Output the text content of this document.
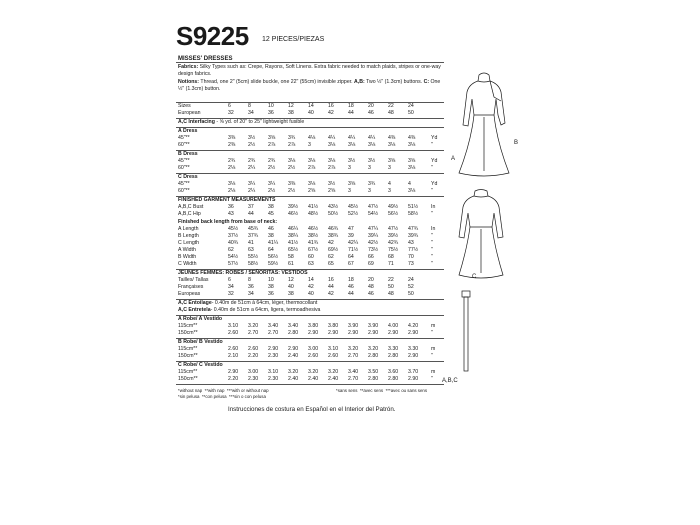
S9225 12 PIECES/PIEZAS
MISSES' DRESSES
Fabrics: Silky Types such as: Crepe, Rayons, Soft Linens. Extra fabric needed to match plaids, stripes or one-way design fabrics.
Notions: Thread, one 2" (5cm) slide buckle, one 22" (55cm) invisible zipper. A,B: Two ½" (1.3cm) buttons. C: One ½" (1.3cm) button.
Sizes	6	8	10	12	14	16	18	20	22	24
European	32	34	36	38	40	42	44	46	48	50
A,C Interfacing - ⅝ yd. of 20" to 25" lightweight fusible
A Dress
45"**	3⅜ 3½ 3⅝ 3¾ 4⅛ 4¼ 4¼ 4¼ 4⅜ 4⅜	Yd
60"**	2⅜ 2½ 2⅞ 2⅞ 3	3⅛ 3⅛ 3⅛ 3⅛ 3⅛	"
B Dress
45"**	2¾ 2¾ 2¾ 3⅛ 3⅛ 3⅛ 3½ 3½ 3⅝ 3⅝	Yd
60"**	2⅛ 2¼ 2½ 2½ 2⅞ 2⅞ 3	3	3	3⅛	"
C Dress
45"**	3⅛ 3¼ 3¼ 3⅜ 3⅛ 3½ 3⅝ 3¾ 4	4	Yd
60"**	2⅛ 2¼ 2½ 2½ 2⅝ 2⅝ 3	3	3	3⅛	"
FINISHED GARMENT MEASUREMENTS
A,B,C Bust	36	37	38	39½ 41½ 43½ 45½ 47½ 49½ 51½ In
A,B,C Hip	43	44	45	46½ 48½ 50½ 52½ 54½ 56½ 58½ "
Finished back length from base of neck:
A Length	45½ 45¾ 46	46¼ 46½ 46¾ 47	47¼ 47½ 47¾ In
B Length	37½ 37¾ 38	38¼ 38½ 38¾ 39	39¼ 39½ 39¾ "
C Length	40¾ 41	41¼ 41½ 41¾ 42	42¼ 42½ 42¾ 43	"
A Width	62	63	64	65½ 67½ 69½ 71½ 73½ 75½ 77½ "
B Width	54½ 55½ 56½ 58	60	62	64	66	68	70	"
C Width	57½ 58½ 59½ 61	63	65	67	69	71	73	"
JEUNES FEMMES: ROBES / SEÑORITAS: VESTIDOS
Tailles/ Tallas	6	8	10	12	14	16	18	20	22	24
Françaises	34	36	38	40	42	44	46	48	50	52
Europeas	32	34	36	38	40	42	44	46	48	50
A,C Entoilage- 0.40m de 51cm à 64cm, léger, thermocollant
A,C Entretela- 0.40m de 51cm a 64cm, ligera, termoadhesiva
A Robe/ A Vestido
115cm**	3.10 3.20 3.40 3.40 3.80 3.80 3.90 3.90 4.00 4.20 m
150cm**	2.60 2.70 2.70 2.80 2.90 2.90 2.90 2.90 2.90 2.90 "
B Robe/ B Vestido
115cm**	2.60 2.60 2.90 2.90 3.00 3.10 3.20 3.20 3.30 3.30 m
150cm**	2.10 2.20 2.30 2.40 2.60 2.60 2.70 2.80 2.80 2.90 "
C Robe/ C Vestido
115cm**	2.90 3.00 3.10 3.20 3.20 3.20 3.40 3.50 3.60 3.70 m
150cm**	2.20 2.30 2.30 2.40 2.40 2.40 2.70 2.80 2.80 2.90 "
*without nap **with nap ***with or without nap	*sans sens **avec sens ***avec ou sans sens
*sin pelusa **con pelusa ***sin o con pelusa
Instrucciones de costura en Español en el Interior del Patrón.
A
B
C
A,B,C
